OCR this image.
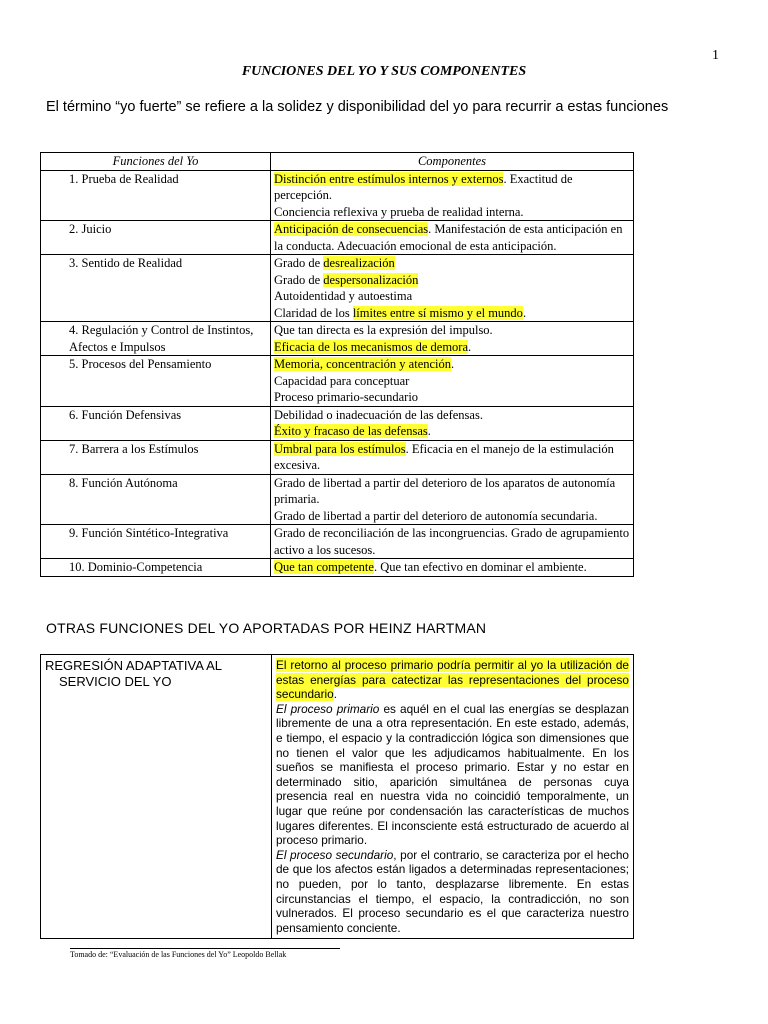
1
FUNCIONES DEL YO Y SUS COMPONENTES
El término “yo fuerte” se refiere a la solidez y disponibilidad del yo para recurrir a estas funciones
Funciones del Yo	Componentes
1. Prueba de Realidad	Distinción entre estímulos internos y externos. Exactitud de percepción.
Conciencia reflexiva y prueba de realidad interna.

2. Juicio	Anticipación de consecuencias. Manifestación de esta anticipación en la conducta. Adecuación emocional de esta anticipación.

3. Sentido de Realidad	Grado de desrealización
Grado de despersonalización
Autoidentidad y autoestima
Claridad de los límites entre sí mismo y el mundo.

4. Regulación y Control de Instintos, Afectos e Impulsos	Que tan directa es la expresión del impulso.
Eficacia de los mecanismos de demora.

5. Procesos del Pensamiento	Memoria, concentración y atención.
Capacidad para conceptuar
Proceso primario-secundario

6. Función Defensivas	Debilidad o inadecuación de las defensas.
Éxito y fracaso de las defensas.

7. Barrera a los Estímulos	Umbral para los estímulos. Eficacia en el manejo de la estimulación excesiva.

8. Función Autónoma	Grado de libertad a partir del deterioro de los aparatos de autonomía primaria.
Grado de libertad a partir del deterioro de autonomía secundaria.

9. Función Sintético-Integrativa	Grado de reconciliación de las incongruencias. Grado de agrupamiento activo a los sucesos.

10. Dominio-Competencia	Que tan competente. Que tan efectivo en dominar el ambiente.
OTRAS FUNCIONES DEL YO APORTADAS POR HEINZ HARTMAN
REGRESIÓN ADAPTATIVA AL
SERVICIO DEL YO

El retorno al proceso primario podría permitir al yo la utilización de estas energías para catectizar las representaciones del proceso secundario.

El proceso primario es aquél en el cual las energías se desplazan libremente de una a otra representación. En este estado, además, e tiempo, el espacio y la contradicción lógica son dimensiones que no tienen el valor que les adjudicamos habitualmente. En los sueños se manifiesta el proceso primario. Estar y no estar en determinado sitio, aparición simultánea de personas cuya presencia real en nuestra vida no coincidió temporalmente, un lugar que reúne por condensación las características de muchos lugares diferentes. El inconsciente está estructurado de acuerdo al proceso primario.

El proceso secundario, por el contrario, se caracteriza por el hecho de que los afectos están ligados a determinadas representaciones; no pueden, por lo tanto, desplazarse libremente. En estas circunstancias el tiempo, el espacio, la contradicción, no son vulnerados. El proceso secundario es el que caracteriza nuestro pensamiento conciente.

Tomado de: “Evaluación de las Funciones del Yo” Leopoldo Bellak
